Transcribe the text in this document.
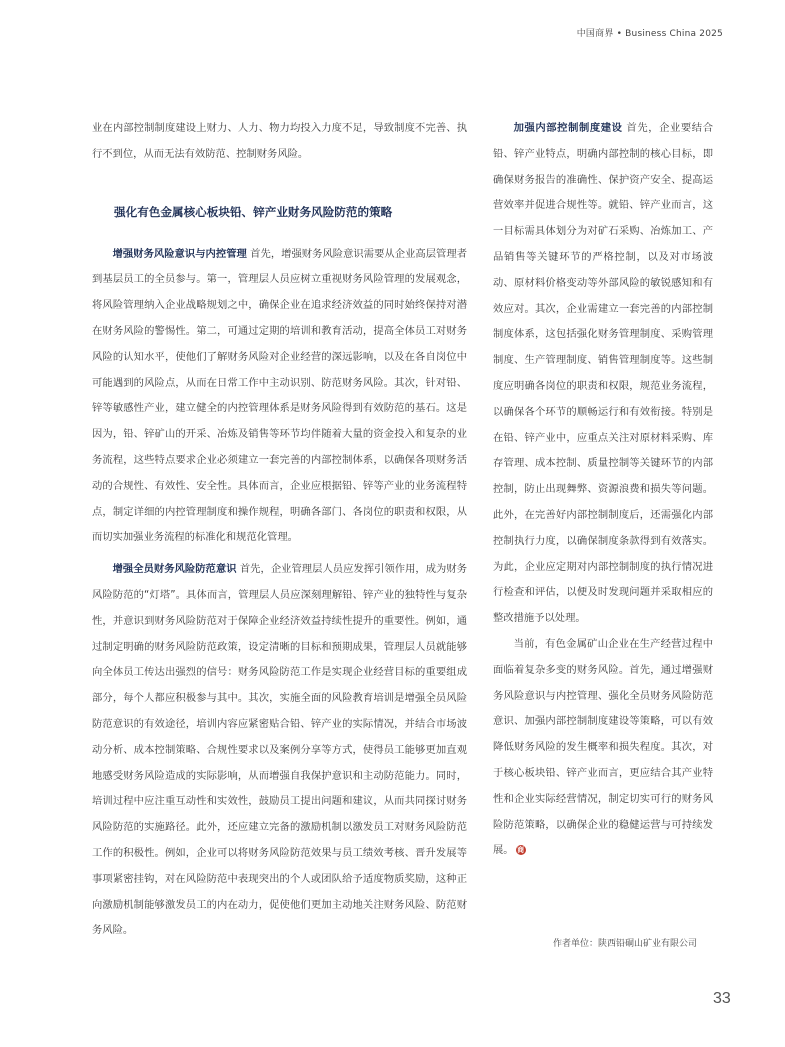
中国商界 • Business China 2025

业在内部控制制度建设上财力、人力、物力均投入力度不足，导致制度不完善、执行不到位，从而无法有效防范、控制财务风险。

强化有色金属核心板块铅、锌产业财务风险防范的策略

增强财务风险意识与内控管理 首先，增强财务风险意识需要从企业高层管理者到基层员工的全员参与。第一，管理层人员应树立重视财务风险管理的发展观念，将风险管理纳入企业战略规划之中，确保企业在追求经济效益的同时始终保持对潜在财务风险的警惕性。第二，可通过定期的培训和教育活动，提高全体员工对财务风险的认知水平，使他们了解财务风险对企业经营的深远影响，以及在各自岗位中可能遇到的风险点，从而在日常工作中主动识别、防范财务风险。其次，针对铅、锌等敏感性产业，建立健全的内控管理体系是财务风险得到有效防范的基石。这是因为，铅、锌矿山的开采、冶炼及销售等环节均伴随着大量的资金投入和复杂的业务流程，这些特点要求企业必须建立一套完善的内部控制体系，以确保各项财务活动的合规性、有效性、安全性。具体而言，企业应根据铅、锌等产业的业务流程特点，制定详细的内控管理制度和操作规程，明确各部门、各岗位的职责和权限，从而切实加强业务流程的标准化和规范化管理。

增强全员财务风险防范意识 首先，企业管理层人员应发挥引领作用，成为财务风险防范的“灯塔”。具体而言，管理层人员应深刻理解铅、锌产业的独特性与复杂性，并意识到财务风险防范对于保障企业经济效益持续性提升的重要性。例如，通过制定明确的财务风险防范政策，设定清晰的目标和预期成果，管理层人员就能够向全体员工传达出强烈的信号：财务风险防范工作是实现企业经营目标的重要组成部分，每个人都应积极参与其中。其次，实施全面的风险教育培训是增强全员风险防范意识的有效途径，培训内容应紧密贴合铅、锌产业的实际情况，并结合市场波动分析、成本控制策略、合规性要求以及案例分享等方式，使得员工能够更加直观地感受财务风险造成的实际影响，从而增强自我保护意识和主动防范能力。同时，培训过程中应注重互动性和实效性，鼓励员工提出问题和建议，从而共同探讨财务风险防范的实施路径。此外，还应建立完备的激励机制以激发员工对财务风险防范工作的积极性。例如，企业可以将财务风险防范效果与员工绩效考核、晋升发展等事项紧密挂钩，对在风险防范中表现突出的个人或团队给予适度物质奖励，这种正向激励机制能够激发员工的内在动力，促使他们更加主动地关注财务风险、防范财务风险。

加强内部控制制度建设 首先，企业要结合铅、锌产业特点，明确内部控制的核心目标，即确保财务报告的准确性、保护资产安全、提高运营效率并促进合规性等。就铅、锌产业而言，这一目标需具体划分为对矿石采购、冶炼加工、产品销售等关键环节的严格控制，以及对市场波动、原材料价格变动等外部风险的敏锐感知和有效应对。其次，企业需建立一套完善的内部控制制度体系，这包括强化财务管理制度、采购管理制度、生产管理制度、销售管理制度等。这些制度应明确各岗位的职责和权限，规范业务流程，以确保各个环节的顺畅运行和有效衔接。特别是在铅、锌产业中，应重点关注对原材料采购、库存管理、成本控制、质量控制等关键环节的内部控制，防止出现舞弊、资源浪费和损失等问题。此外，在完善好内部控制制度后，还需强化内部控制执行力度，以确保制度条款得到有效落实。为此，企业应定期对内部控制制度的执行情况进行检查和评估，以便及时发现问题并采取相应的整改措施予以处理。

当前，有色金属矿山企业在生产经营过程中面临着复杂多变的财务风险。首先，通过增强财务风险意识与内控管理、强化全员财务风险防范意识、加强内部控制制度建设等策略，可以有效降低财务风险的发生概率和损失程度。其次，对于核心板块铅、锌产业而言，更应结合其产业特性和企业实际经营情况，制定切实可行的财务风险防范策略，以确保企业的稳健运营与可持续发展。 商

作者单位：陕西铅硐山矿业有限公司
33
